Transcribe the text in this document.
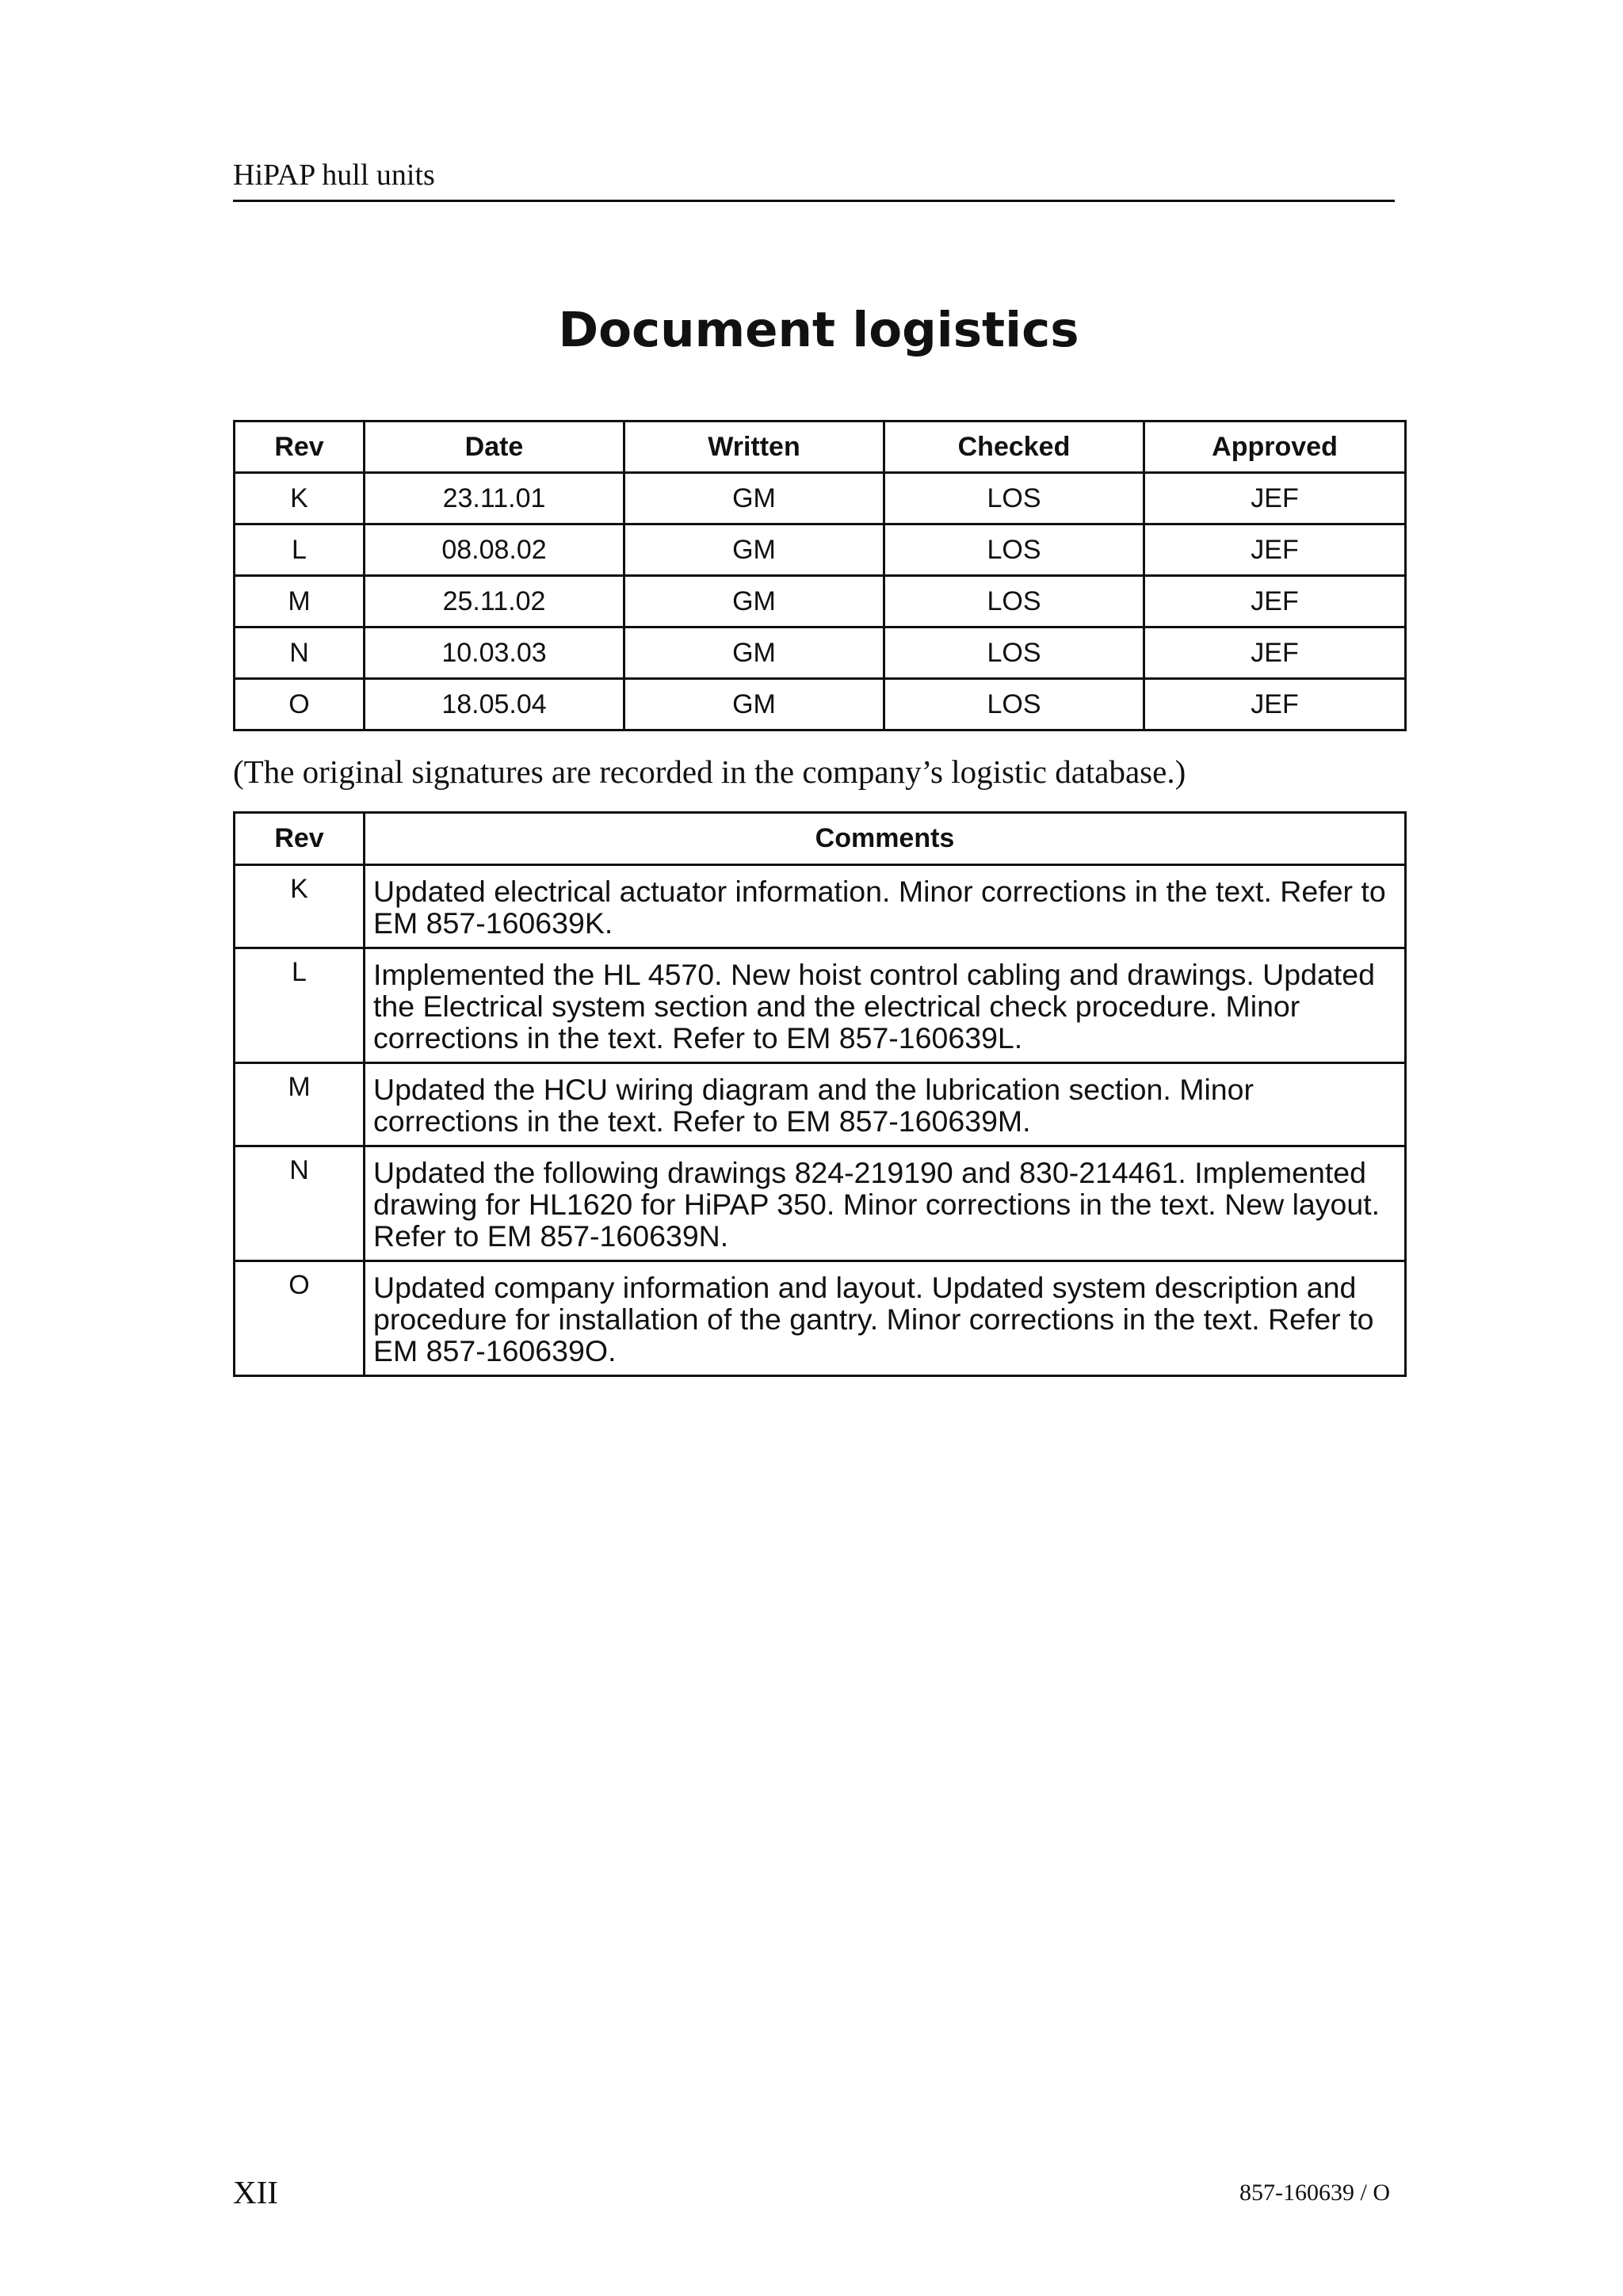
HiPAP hull units
Document logistics
Rev	Date	Written	Checked	Approved
K	23.11.01	GM	LOS	JEF
L	08.08.02	GM	LOS	JEF
M	25.11.02	GM	LOS	JEF
N	10.03.03	GM	LOS	JEF
O	18.05.04	GM	LOS	JEF

(The original signatures are recorded in the company’s logistic database.)

Rev	Comments
K	Updated electrical actuator information. Minor corrections in the text. Refer to EM 857-160639K.
L	Implemented the HL 4570. New hoist control cabling and drawings. Updated the Electrical system section and the electrical check procedure. Minor corrections in the text. Refer to EM 857-160639L.
M	Updated the HCU wiring diagram and the lubrication section. Minor corrections in the text. Refer to EM 857-160639M.
N	Updated the following drawings 824-219190 and 830-214461. Implemented drawing for HL1620 for HiPAP 350. Minor corrections in the text. New layout. Refer to EM 857-160639N.
O	Updated company information and layout. Updated system description and procedure for installation of the gantry. Minor corrections in the text. Refer to EM 857-160639O.
XII	857-160639 / O
